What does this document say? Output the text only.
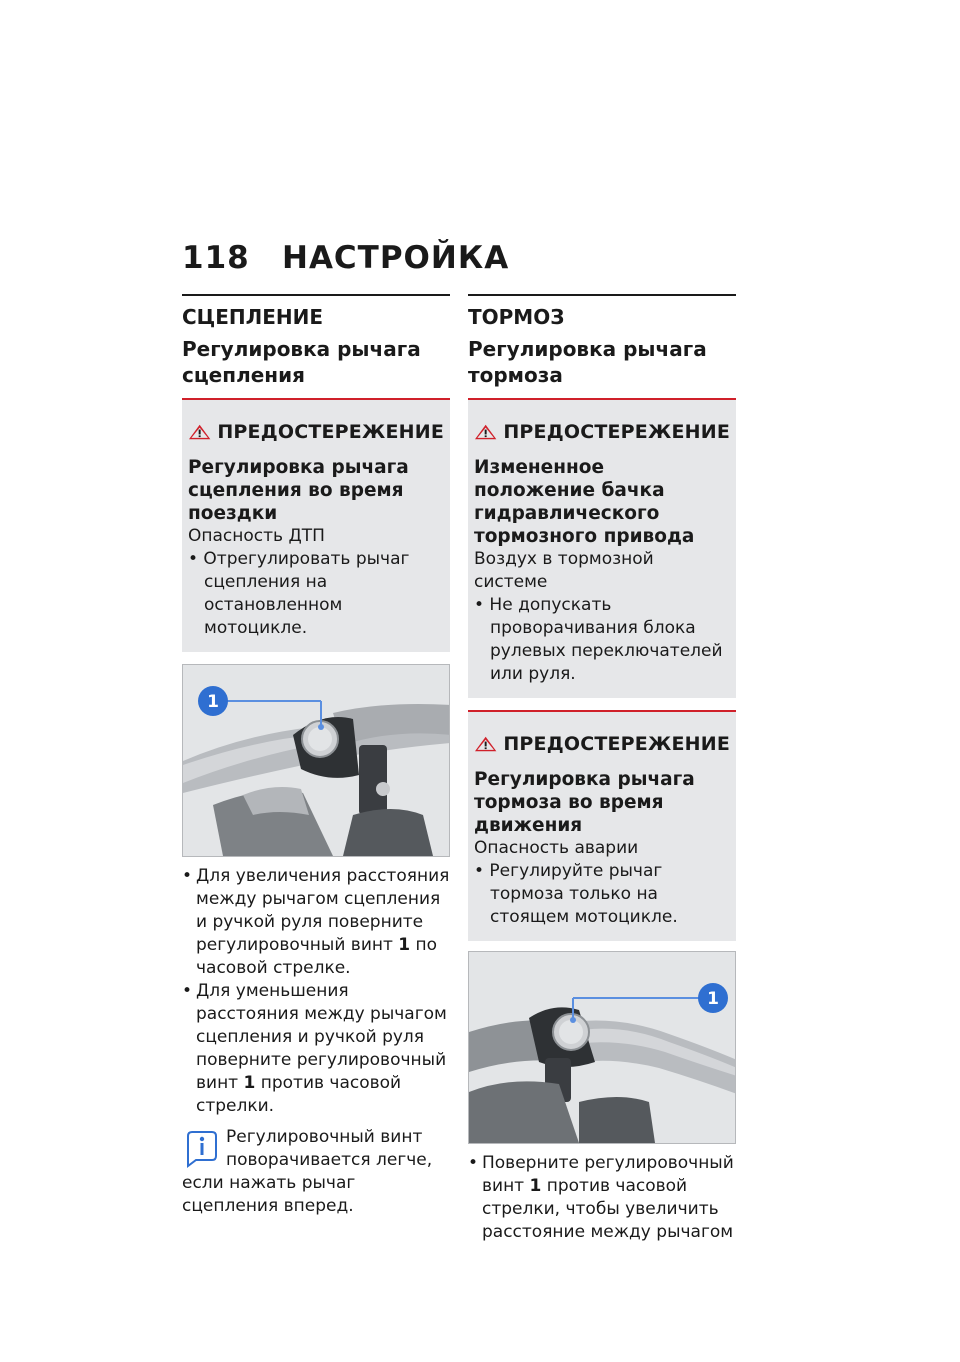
118 НАСТРОЙКА
СЦЕПЛЕНИЕ
Регулировка рычага сцепления
ПРЕДОСТЕРЕЖЕНИЕ
Регулировка рычага сцепления во время поездки
Опасность ДТП
• Отрегулировать рычаг сцепления на остановленном мотоцикле.
1
• Для увеличения расстояния между рычагом сцепления и ручкой руля поверните регулировочный винт 1 по часовой стрелке.
• Для уменьшения расстояния между рычагом сцепления и ручкой руля поверните регулировочный винт 1 против часовой стрелки.
Регулировочный винт поворачивается легче, если нажать рычаг сцепления вперед.
ТОРМОЗ
Регулировка рычага тормоза
ПРЕДОСТЕРЕЖЕНИЕ
Измененное положение бачка гидравлического тормозного привода
Воздух в тормозной системе
• Не допускать проворачивания блока рулевых переключателей или руля.
ПРЕДОСТЕРЕЖЕНИЕ
Регулировка рычага тормоза во время движения
Опасность аварии
• Регулируйте рычаг тормоза только на стоящем мотоцикле.
1
• Поверните регулировочный винт 1 против часовой стрелки, чтобы увеличить расстояние между рычагом
